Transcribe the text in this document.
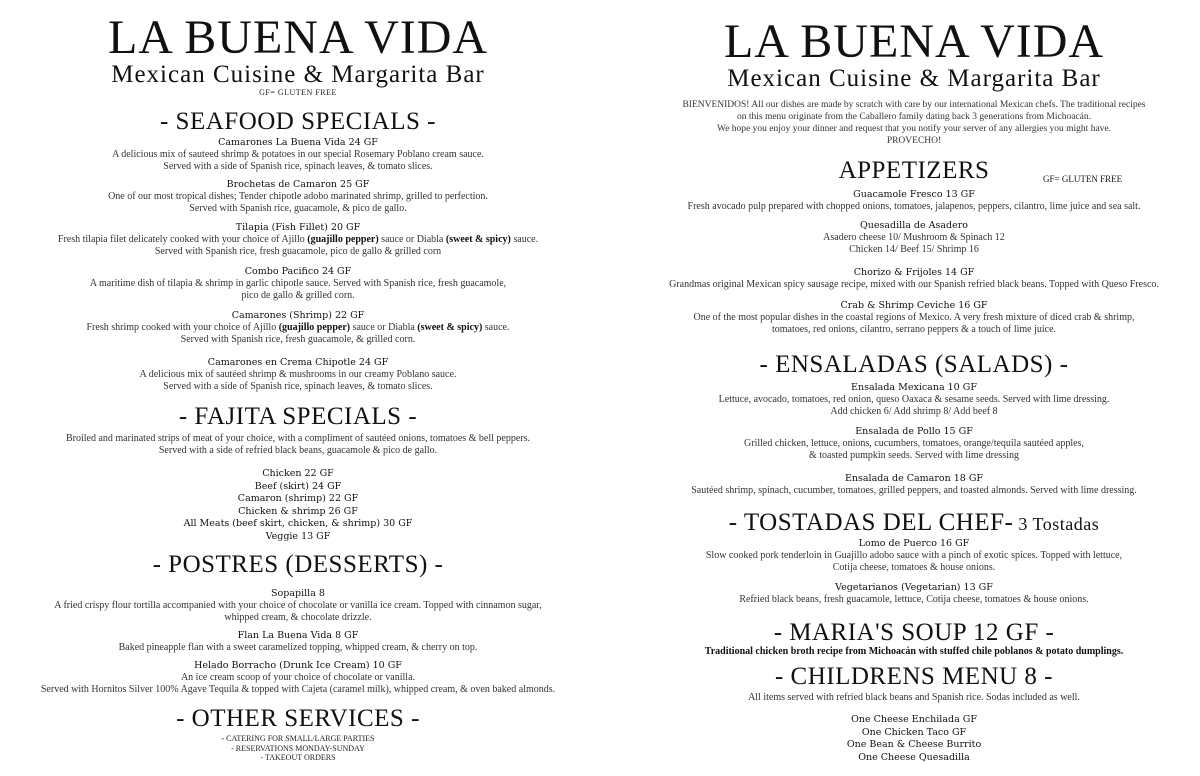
LA BUENA VIDA
Mexican Cuisine & Margarita Bar
GF= GLUTEN FREE
- SEAFOOD SPECIALS -
Camarones La Buena Vida 24 GF
A delicious mix of sauteed shrimp & potatoes in our special Rosemary Poblano cream sauce.
Served with a side of Spanish rice, spinach leaves, & tomato slices.
Brochetas de Camaron 25 GF
One of our most tropical dishes; Tender chipotle adobo marinated shrimp, grilled to perfection.
Served with Spanish rice, guacamole, & pico de gallo.
Tilapia (Fish Fillet) 20 GF
Fresh tilapia filet delicately cooked with your choice of Ajillo (guajillo pepper) sauce or Diabla (sweet & spicy) sauce.
Served with Spanish rice, fresh guacamole, pico de gallo & grilled corn
Combo Pacifico 24 GF
A maritime dish of tilapia & shrimp in garlic chipotle sauce. Served with Spanish rice, fresh guacamole,
pico de gallo & grilled corn.
Camarones (Shrimp) 22 GF
Fresh shrimp cooked with your choice of Ajillo (guajillo pepper) sauce or Diabla (sweet & spicy) sauce.
Served with Spanish rice, fresh guacamole, & grilled corn.
Camarones en Crema Chipotle 24 GF
A delicious mix of sautéed shrimp & mushrooms in our creamy Poblano sauce.
Served with a side of Spanish rice, spinach leaves, & tomato slices.
- FAJITA SPECIALS -
Broiled and marinated strips of meat of your choice, with a compliment of sautéed onions, tomatoes & bell peppers.
Served with a side of refried black beans, guacamole & pico de gallo.
Chicken 22 GF
Beef (skirt) 24 GF
Camaron (shrimp) 22 GF
Chicken & shrimp 26 GF
All Meats (beef skirt, chicken, & shrimp) 30 GF
Veggie 13 GF
- POSTRES (DESSERTS) -
Sopapilla 8
A fried crispy flour tortilla accompanied with your choice of chocolate or vanilla ice cream. Topped with cinnamon sugar,
whipped cream, & chocolate drizzle.
Flan La Buena Vida 8 GF
Baked pineapple flan with a sweet caramelized topping, whipped cream, & cherry on top.
Helado Borracho (Drunk Ice Cream) 10 GF
An ice cream scoop of your choice of chocolate or vanilla.
Served with Hornitos Silver 100% Agave Tequila & topped with Cajeta (caramel milk), whipped cream, & oven baked almonds.
- OTHER SERVICES -
- CATERING FOR SMALL/LARGE PARTIES
- RESERVATIONS MONDAY-SUNDAY
- TAKEOUT ORDERS
LA BUENA VIDA
Mexican Cuisine & Margarita Bar
BIENVENIDOS! All our dishes are made by scratch with care by our international Mexican chefs. The traditional recipes
on this menu originate from the Caballero family dating back 3 generations from Michoacán.
We hope you enjoy your dinner and request that you notify your server of any allergies you might have.
PROVECHO!
APPETIZERS	GF= GLUTEN FREE
Guacamole Fresco 13 GF
Fresh avocado pulp prepared with chopped onions, tomatoes, jalapenos, peppers, cilantro, lime juice and sea salt.
Quesadilla de Asadero
Asadero cheese 10/ Mushroom & Spinach 12
Chicken 14/ Beef 15/ Shrimp 16
Chorizo & Frijoles 14 GF
Grandmas original Mexican spicy sausage recipe, mixed with our Spanish refried black beans. Topped with Queso Fresco.
Crab & Shrimp Ceviche 16 GF
One of the most popular dishes in the coastal regions of Mexico. A very fresh mixture of diced crab & shrimp,
tomatoes, red onions, cilantro, serrano peppers & a touch of lime juice.
- ENSALADAS (SALADS) -
Ensalada Mexicana 10 GF
Lettuce, avocado, tomatoes, red onion, queso Oaxaca & sesame seeds. Served with lime dressing.
Add chicken 6/ Add shrimp 8/ Add beef 8
Ensalada de Pollo 15 GF
Grilled chicken, lettuce, onions, cucumbers, tomatoes, orange/tequila sautéed apples,
& toasted pumpkin seeds. Served with lime dressing
Ensalada de Camaron 18 GF
Sautéed shrimp, spinach, cucumber, tomatoes, grilled peppers, and toasted almonds. Served with lime dressing.
- TOSTADAS DEL CHEF- 3 Tostadas
Lomo de Puerco 16 GF
Slow cooked pork tenderloin in Guajillo adobo sauce with a pinch of exotic spices. Topped with lettuce,
Cotija cheese, tomatoes & house onions.
Vegetarianos (Vegetarian) 13 GF
Refried black beans, fresh guacamole, lettuce, Cotija cheese, tomatoes & house onions.
- MARIA'S SOUP 12 GF -
Traditional chicken broth recipe from Michoacán with stuffed chile poblanos & potato dumplings.
- CHILDRENS MENU 8 -
All items served with refried black beans and Spanish rice. Sodas included as well.
One Cheese Enchilada GF
One Chicken Taco GF
One Bean & Cheese Burrito
One Cheese Quesadilla
